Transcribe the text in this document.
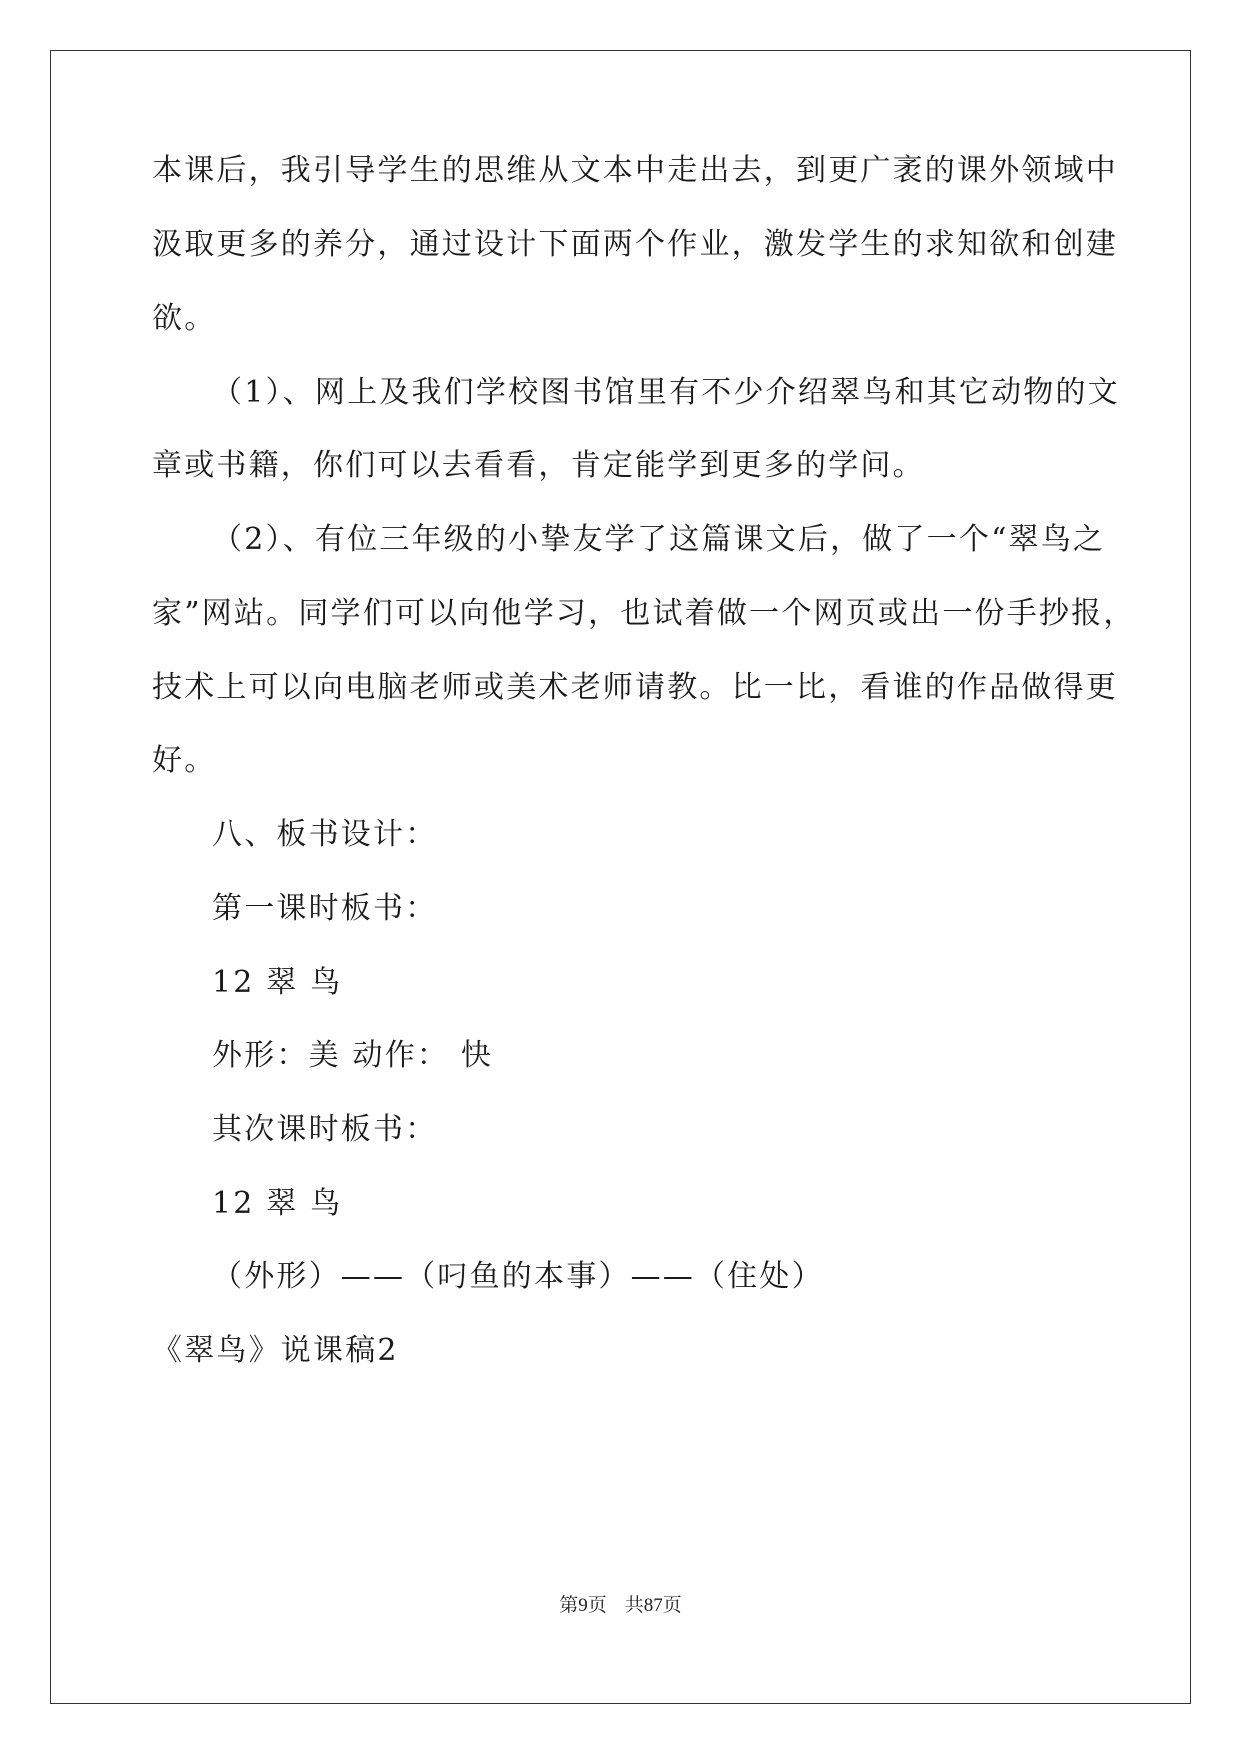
本课后，我引导学生的思维从文本中走出去，到更广袤的课外领域中
汲取更多的养分，通过设计下面两个作业，激发学生的求知欲和创建
欲。
（1）、网上及我们学校图书馆里有不少介绍翠鸟和其它动物的文
章或书籍，你们可以去看看，肯定能学到更多的学问。
（2）、有位三年级的小挚友学了这篇课文后，做了一个“翠鸟之
家”网站。同学们可以向他学习，也试着做一个网页或出一份手抄报，
技术上可以向电脑老师或美术老师请教。比一比，看谁的作品做得更
好。
八、板书设计：
第一课时板书：
12 翠 鸟
外形：美 动作： 快
其次课时板书：
12 翠 鸟
（外形）——（叼鱼的本事）——（住处）
《翠鸟》说课稿2
第9页 共87页
